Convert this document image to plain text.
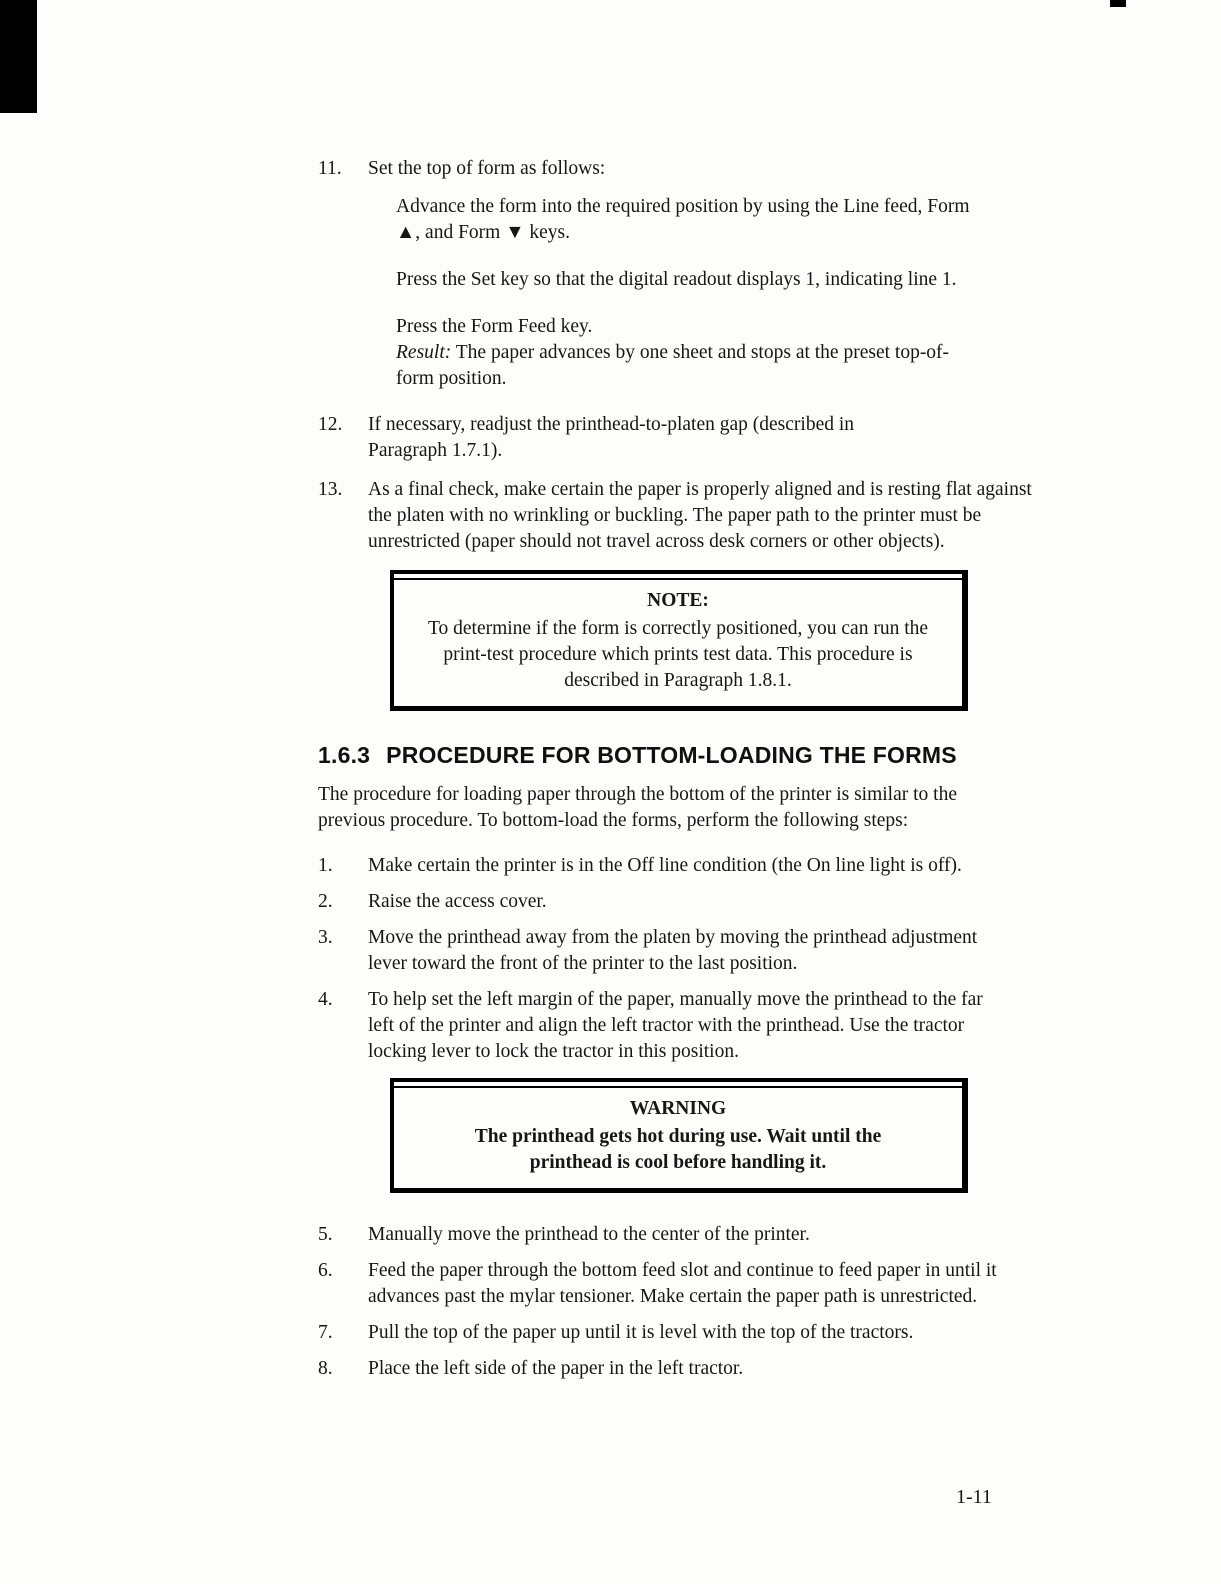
11.	Set the top of form as follows:

Advance the form into the required position by using the Line feed, Form ▲, and Form ▼ keys.

Press the Set key so that the digital readout displays 1, indicating line 1.

Press the Form Feed key.
Result: The paper advances by one sheet and stops at the preset top-of-form position.

12.	If necessary, readjust the printhead-to-platen gap (described in Paragraph 1.7.1).

13.	As a final check, make certain the paper is properly aligned and is resting flat against the platen with no wrinkling or buckling. The paper path to the printer must be unrestricted (paper should not travel across desk corners or other objects).

NOTE:

To determine if the form is correctly positioned, you can run the print-test procedure which prints test data. This procedure is described in Paragraph 1.8.1.

1.6.3 PROCEDURE FOR BOTTOM-LOADING THE FORMS

The procedure for loading paper through the bottom of the printer is similar to the previous procedure. To bottom-load the forms, perform the following steps:

1.	Make certain the printer is in the Off line condition (the On line light is off).

2.	Raise the access cover.

3.	Move the printhead away from the platen by moving the printhead adjustment lever toward the front of the printer to the last position.

4.	To help set the left margin of the paper, manually move the printhead to the far left of the printer and align the left tractor with the printhead. Use the tractor locking lever to lock the tractor in this position.

WARNING

The printhead gets hot during use. Wait until the printhead is cool before handling it.

5.	Manually move the printhead to the center of the printer.

6.	Feed the paper through the bottom feed slot and continue to feed paper in until it advances past the mylar tensioner. Make certain the paper path is unrestricted.

7.	Pull the top of the paper up until it is level with the top of the tractors.

8.	Place the left side of the paper in the left tractor.

1-11
